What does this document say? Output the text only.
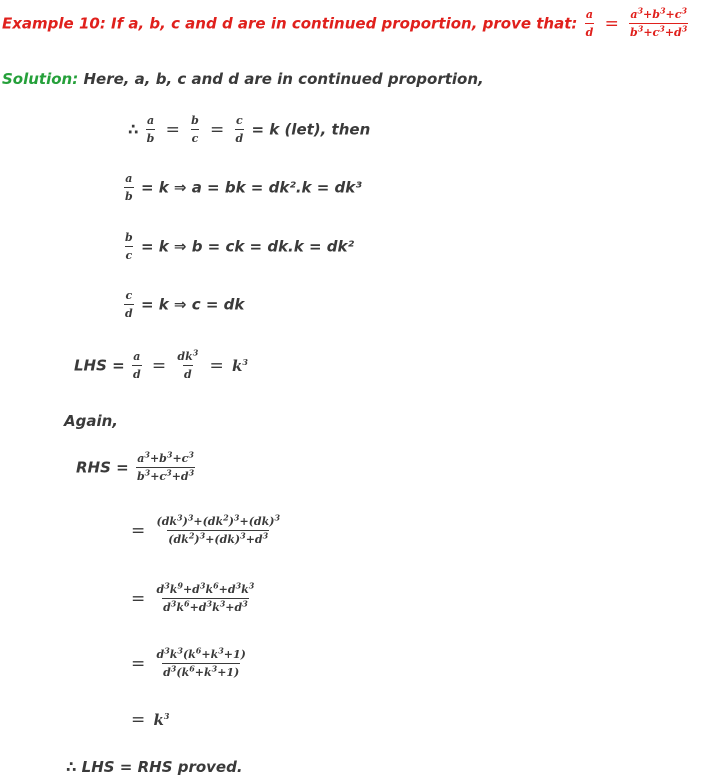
Example 10: If a, b, c and d are in continued proportion, prove that: $\frac{a}{d} = \frac{a^3+b^3+c^3}{b^3+c^3+d^3}$
Solution: Here, a, b, c and d are in continued proportion,
∴ $\frac{a}{b} = \frac{b}{c} = \frac{c}{d} = k$ (let), then
$\frac{a}{b} = k$ ⇒ a = bk = dk².k = dk³
$\frac{b}{c} = k$ ⇒ b = ck = dk.k = dk²
$\frac{c}{d} = k$ ⇒ c = dk
LHS = $\frac{a}{d} = \frac{dk^3}{d} = k^3$
Again,
RHS = $\frac{a^3+b^3+c^3}{b^3+c^3+d^3}$
= $\frac{(dk^3)^3+(dk^2)^3+(dk)^3}{(dk^2)^3+(dk)^3+d^3}$
= $\frac{d^3k^9+d^3k^6+d^3k^3}{d^3k^6+d^3k^3+d^3}$
= $\frac{d^3k^3(k^6+k^3+1)}{d^3(k^6+k^3+1)}$
= $k^3$
∴ LHS = RHS proved.
